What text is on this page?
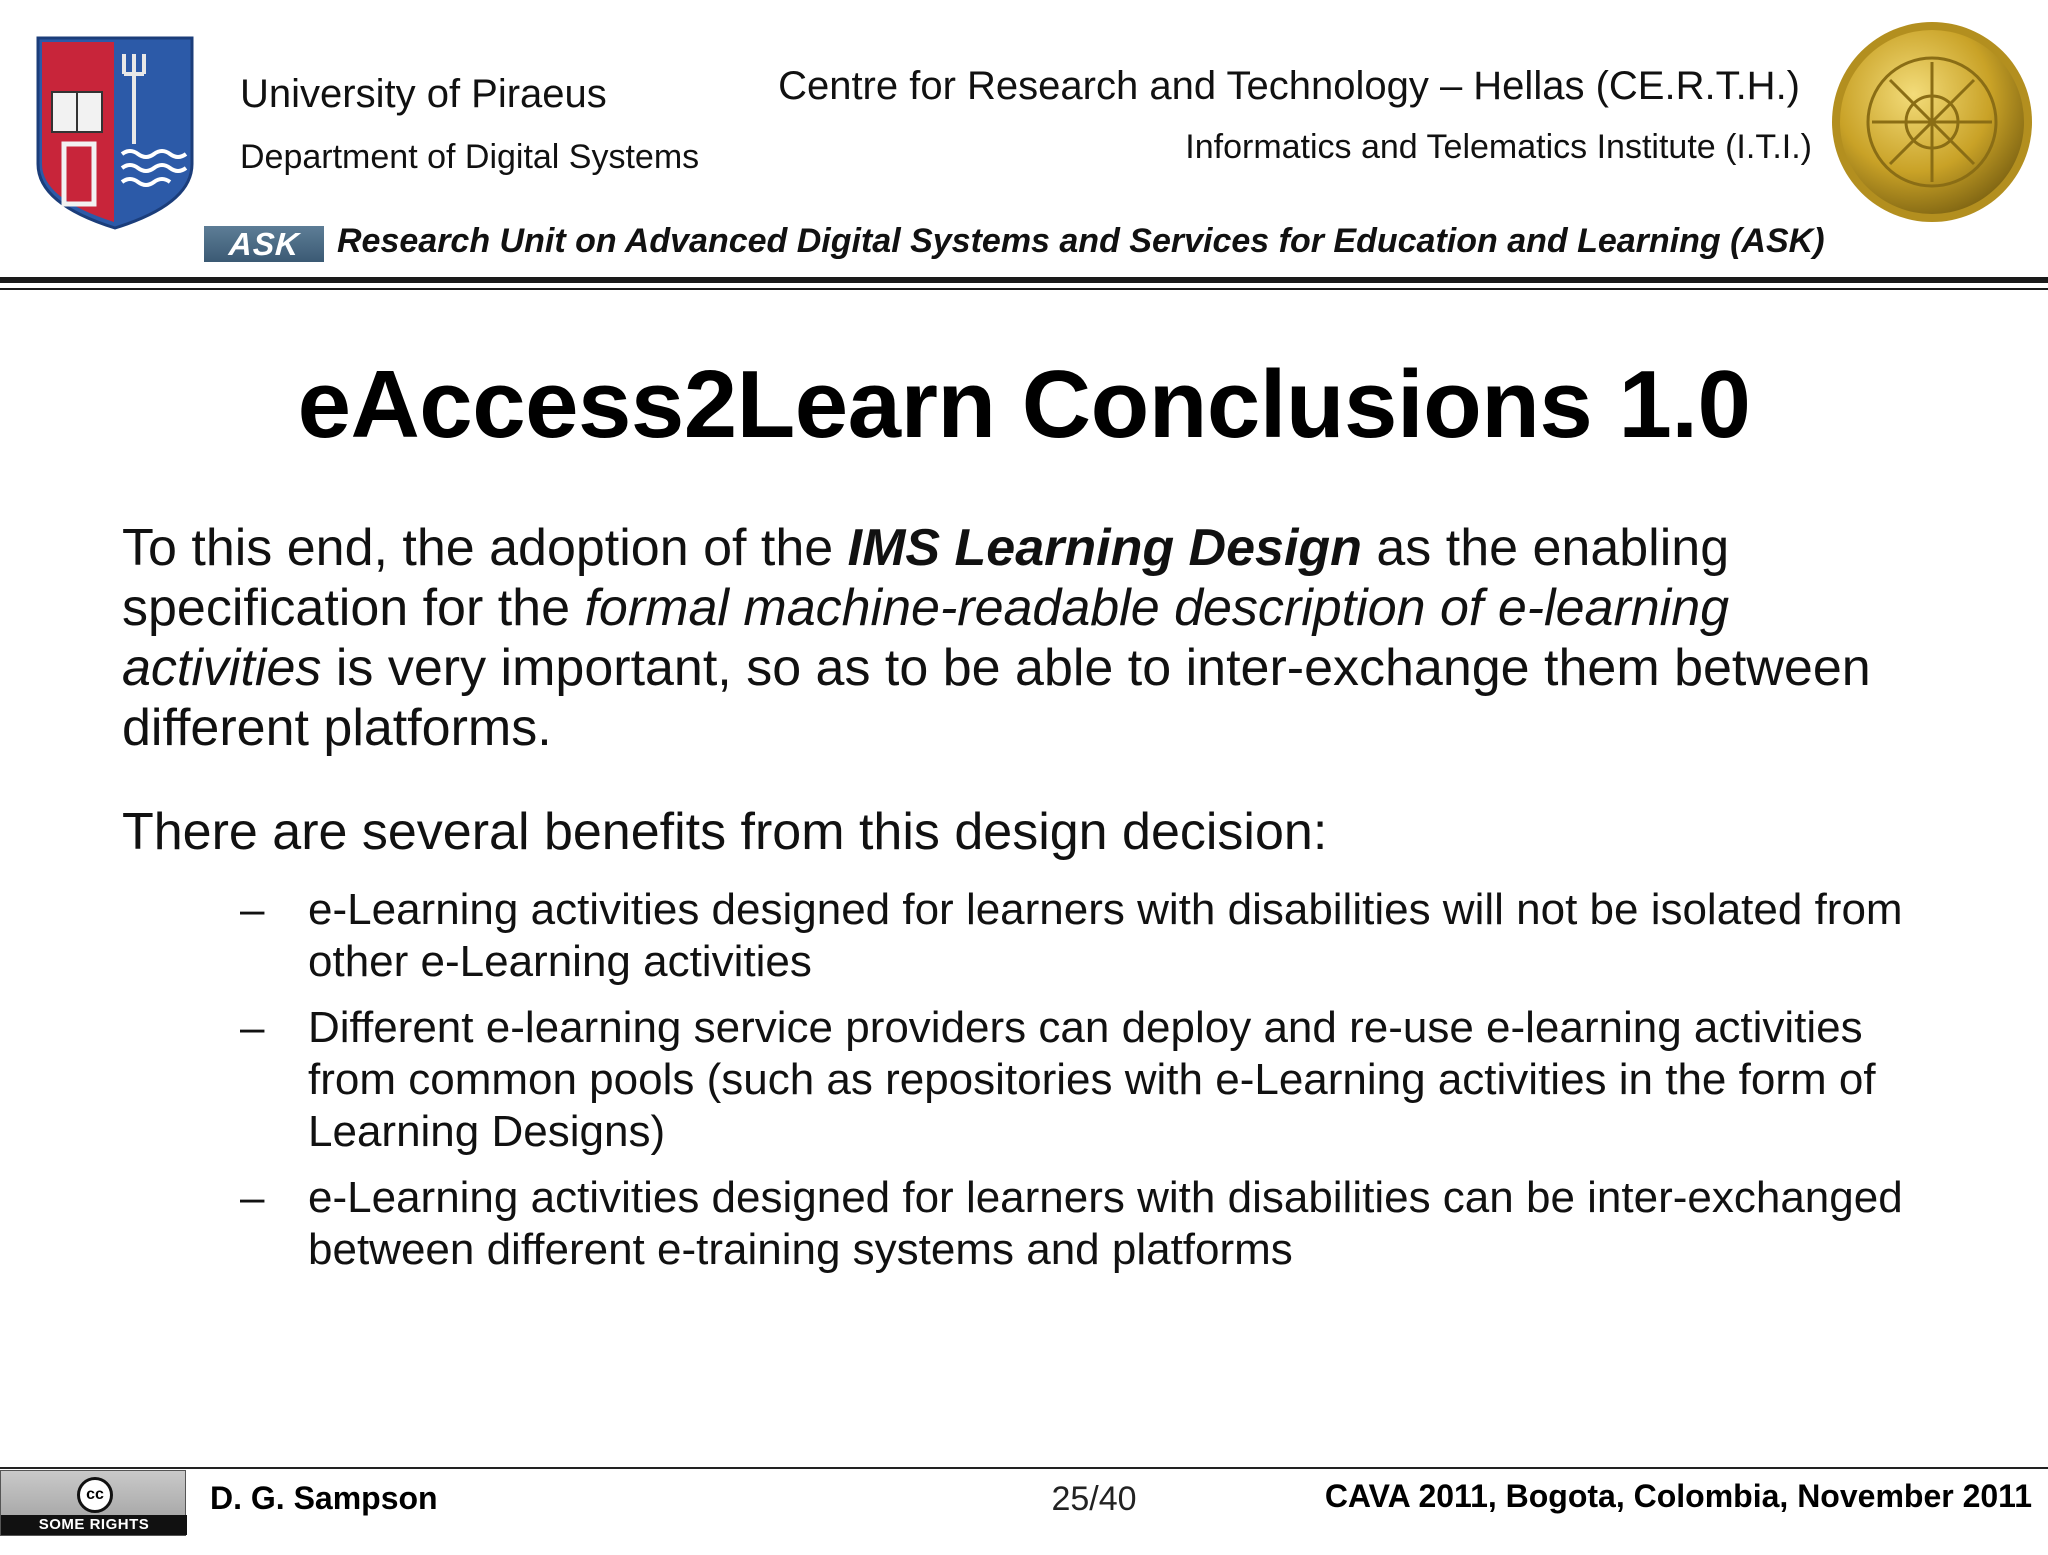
University of Piraeus
Department of Digital Systems
Centre for Research and Technology – Hellas (CE.R.T.H.)
Informatics and Telematics Institute (I.T.I.)
ASK	Research Unit on Advanced Digital Systems and Services for Education and Learning (ASK)
eAccess2Learn Conclusions 1.0
To this end, the adoption of the IMS Learning Design as the enabling specification for the formal machine-readable description of e-learning activities is very important, so as to be able to inter-exchange them between different platforms.
There are several benefits from this design decision:
– e-Learning activities designed for learners with disabilities will not be isolated from other e-Learning activities
– Different e-learning service providers can deploy and re-use e-learning activities from common pools (such as repositories with e-Learning activities in the form of Learning Designs)
– e-Learning activities designed for learners with disabilities can be inter-exchanged between different e-training systems and platforms
cc
SOME RIGHTS RESERVED
D. G. Sampson	25/40	CAVA 2011, Bogota, Colombia, November 2011
